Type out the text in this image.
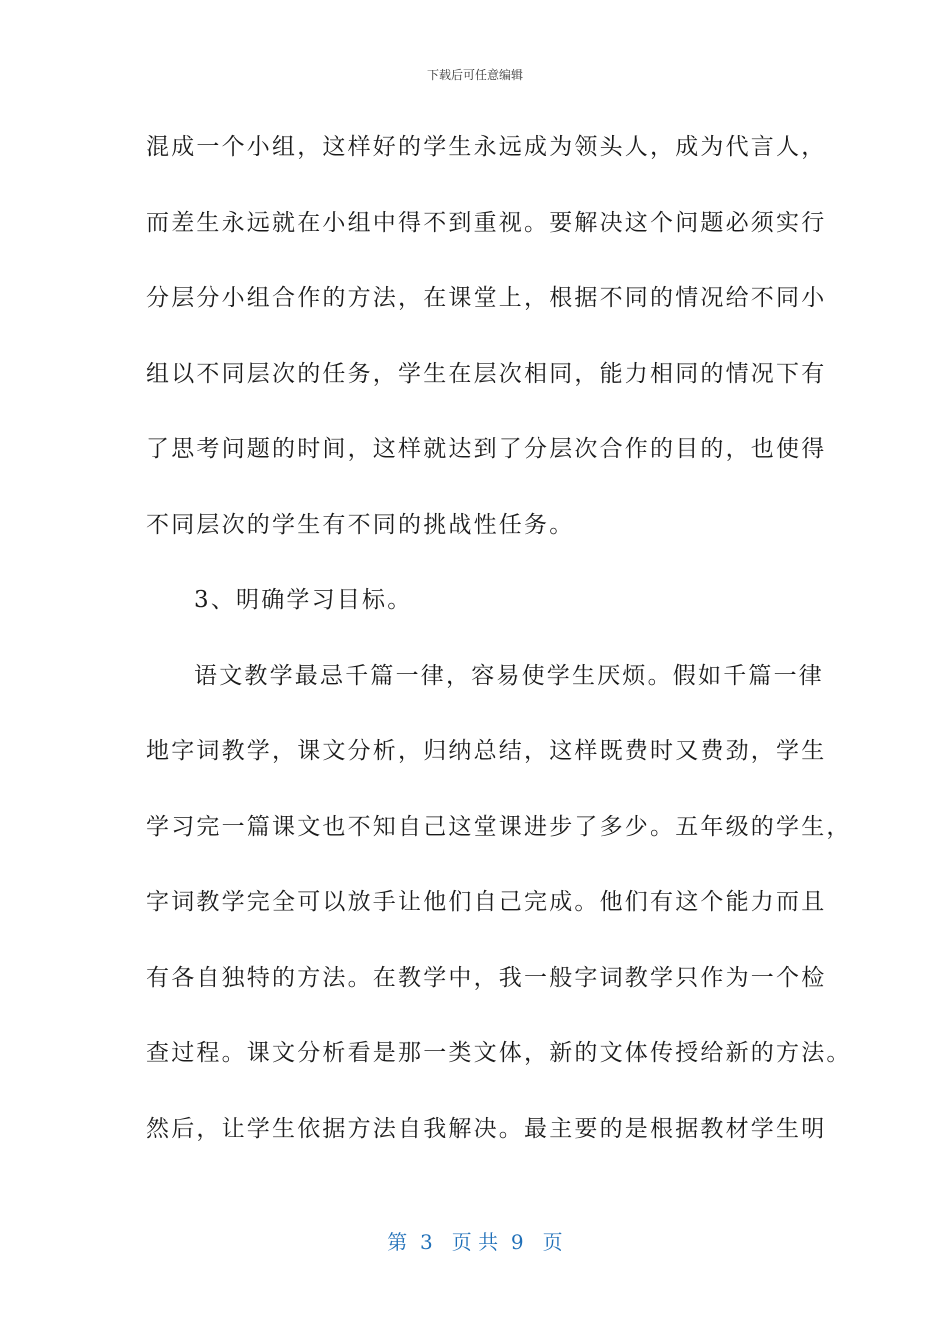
下载后可任意编辑
混成一个小组，这样好的学生永远成为领头人，成为代言人，
而差生永远就在小组中得不到重视。要解决这个问题必须实行
分层分小组合作的方法，在课堂上，根据不同的情况给不同小
组以不同层次的任务，学生在层次相同，能力相同的情况下有
了思考问题的时间，这样就达到了分层次合作的目的，也使得
不同层次的学生有不同的挑战性任务。
3、明确学习目标。
语文教学最忌千篇一律，容易使学生厌烦。假如千篇一律
地字词教学，课文分析，归纳总结，这样既费时又费劲，学生
学习完一篇课文也不知自己这堂课进步了多少。五年级的学生，
字词教学完全可以放手让他们自己完成。他们有这个能力而且
有各自独特的方法。在教学中，我一般字词教学只作为一个检
查过程。课文分析看是那一类文体，新的文体传授给新的方法。
然后，让学生依据方法自我解决。最主要的是根据教材学生明
第  3   页 共  9   页
